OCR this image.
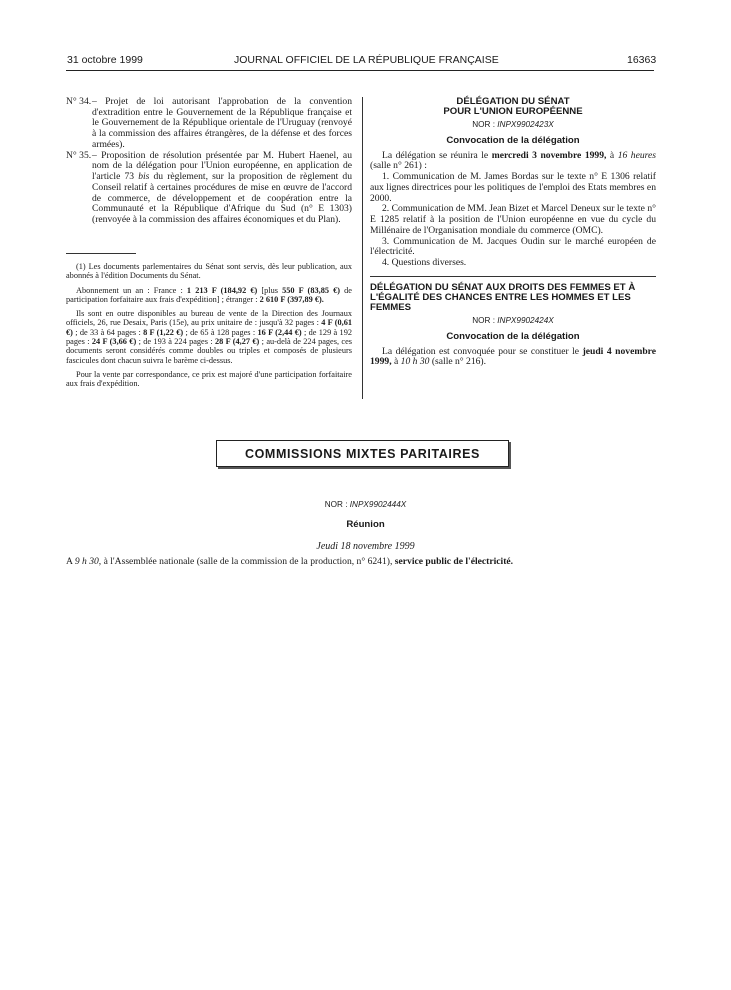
31 octobre 1999	JOURNAL OFFICIEL DE LA RÉPUBLIQUE FRANÇAISE	16363
N° 34. – Projet de loi autorisant l'approbation de la convention d'extradition entre le Gouvernement de la République française et le Gouvernement de la République orientale de l'Uruguay (renvoyé à la commission des affaires étrangères, de la défense et des forces armées).
N° 35. – Proposition de résolution présentée par M. Hubert Haenel, au nom de la délégation pour l'Union européenne, en application de l'article 73 bis du règlement, sur la proposition de règlement du Conseil relatif à certaines procédures de mise en œuvre de l'accord de commerce, de développement et de coopération entre la Communauté et la République d'Afrique du Sud (n° E 1303) (renvoyée à la commission des affaires économiques et du Plan).

(1) Les documents parlementaires du Sénat sont servis, dès leur publication, aux abonnés à l'édition Documents du Sénat.

Abonnement un an : France : 1 213 F (184,92 €) [plus 550 F (83,85 €) de participation forfaitaire aux frais d'expédition] ; étranger : 2 610 F (397,89 €).

Ils sont en outre disponibles au bureau de vente de la Direction des Journaux officiels, 26, rue Desaix, Paris (15e), au prix unitaire de : jusqu'à 32 pages : 4 F (0,61 €) ; de 33 à 64 pages : 8 F (1,22 €) ; de 65 à 128 pages : 16 F (2,44 €) ; de 129 à 192 pages : 24 F (3,66 €) ; de 193 à 224 pages : 28 F (4,27 €) ; au-delà de 224 pages, ces documents seront considérés comme doubles ou triples et composés de plusieurs fascicules dont chacun suivra le barème ci-dessus.

Pour la vente par correspondance, ce prix est majoré d'une participation forfaitaire aux frais d'expédition.

DÉLÉGATION DU SÉNAT
POUR L'UNION EUROPÉENNE
NOR : INPX9902423X
Convocation de la délégation

La délégation se réunira le mercredi 3 novembre 1999, à 16 heures (salle n° 261) :

1. Communication de M. James Bordas sur le texte n° E 1306 relatif aux lignes directrices pour les politiques de l'emploi des Etats membres en 2000.

2. Communication de MM. Jean Bizet et Marcel Deneux sur le texte n° E 1285 relatif à la position de l'Union européenne en vue du cycle du Millénaire de l'Organisation mondiale du commerce (OMC).

3. Communication de M. Jacques Oudin sur le marché européen de l'électricité.

4. Questions diverses.

DÉLÉGATION DU SÉNAT AUX DROITS DES FEMMES ET À L'ÉGALITÉ DES CHANCES ENTRE LES HOMMES ET LES FEMMES
NOR : INPX9902424X
Convocation de la délégation

La délégation est convoquée pour se constituer le jeudi 4 novembre 1999, à 10 h 30 (salle n° 216).

COMMISSIONS MIXTES PARITAIRES
NOR : INPX9902444X
Réunion
Jeudi 18 novembre 1999
A 9 h 30, à l'Assemblée nationale (salle de la commission de la production, n° 6241), service public de l'électricité.
